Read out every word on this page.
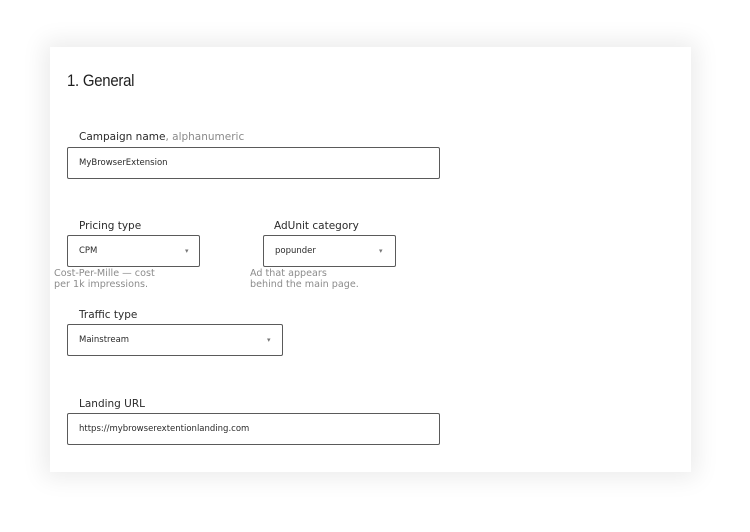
1. General
Campaign name, alphanumeric
MyBrowserExtension
Pricing type
CPM	▾
Cost-Per-Mille — cost
per 1k impressions.
AdUnit category
popunder	▾
Ad that appears
behind the main page.
Traffic type
Mainstream	▾
Landing URL
https://mybrowserextentionlanding.com
